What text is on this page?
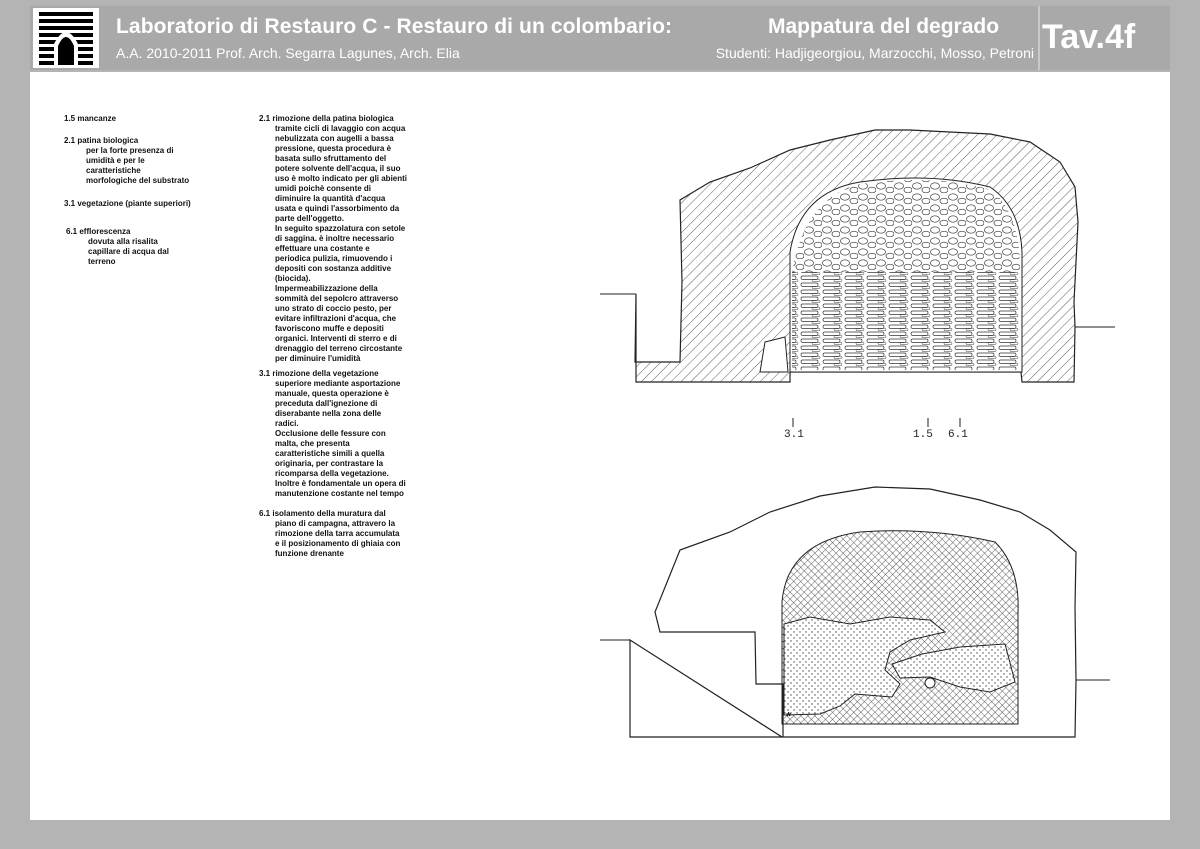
Laboratorio di Restauro C - Restauro di un colombario:	Mappatura del degrado
A.A. 2010-2011 Prof. Arch. Segarra Lagunes, Arch. Elia	Studenti: Hadjigeorgiou, Marzocchi, Mosso, Petroni Tav.4f
1.5 mancanze
2.1 patina biologica
per la forte presenza di
umidità e per le
caratteristiche
morfologiche del substrato
3.1 vegetazione (piante superiori)
6.1 efflorescenza
dovuta alla risalita
capillare di acqua dal
terreno
2.1 rimozione della patina biologica
tramite cicli di lavaggio con acqua
nebulizzata con augelli a bassa
pressione, questa procedura è
basata sullo sfruttamento del
potere solvente dell'acqua, il suo
uso è molto indicato per gli abienti
umidi poichè consente di
diminuire la quantità d'acqua
usata e quindi l'assorbimento da
parte dell'oggetto.
In seguito spazzolatura con setole
di saggina. è inoltre necessario
effettuare una costante e
periodica pulizia, rimuovendo i
depositi con sostanza additive
(biocida).
Impermeabilizzazione della
sommità del sepolcro attraverso
uno strato di coccio pesto, per
evitare infiltrazioni d'acqua, che
favoriscono muffe e depositi
organici. Interventi di sterro e di
drenaggio del terreno circostante
per diminuire l'umidità
3.1 rimozione della vegetazione
superiore mediante asportazione
manuale, questa operazione è
preceduta dall'ignezione di
diserabante nella zona delle
radici.
Occlusione delle fessure con
malta, che presenta
caratteristiche simili a quella
originaria, per contrastare la
ricomparsa della vegetazione.
Inoltre è fondamentale un opera di
manutenzione costante nel tempo
6.1 isolamento della muratura dal
piano di campagna, attravero la
rimozione della tarra accumulata
e il posizionamento di ghiaia con
funzione drenante
3.1	1.5 6.1
*
